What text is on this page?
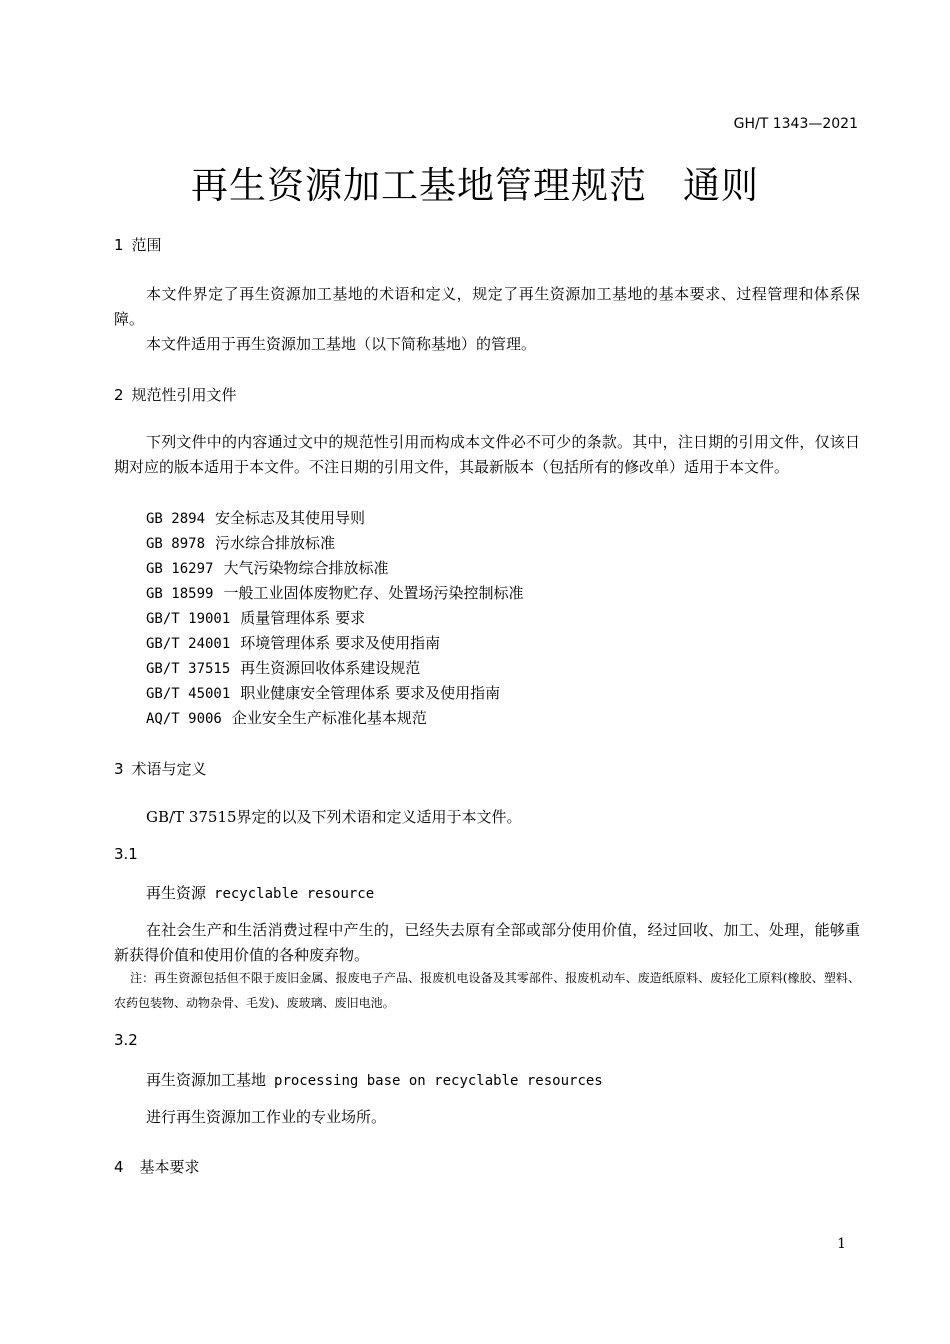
GH/T 1343—2021
再生资源加工基地管理规范 通则
1 范围
本文件界定了再生资源加工基地的术语和定义，规定了再生资源加工基地的基本要求、过程管理和体系保障。
本文件适用于再生资源加工基地（以下简称基地）的管理。
2 规范性引用文件
下列文件中的内容通过文中的规范性引用而构成本文件必不可少的条款。其中，注日期的引用文件，仅该日期对应的版本适用于本文件。不注日期的引用文件，其最新版本（包括所有的修改单）适用于本文件。
GB 2894 安全标志及其使用导则
GB 8978 污水综合排放标准
GB 16297 大气污染物综合排放标准
GB 18599 一般工业固体废物贮存、处置场污染控制标准
GB/T 19001 质量管理体系 要求
GB/T 24001 环境管理体系 要求及使用指南
GB/T 37515 再生资源回收体系建设规范
GB/T 45001 职业健康安全管理体系 要求及使用指南
AQ/T 9006 企业安全生产标准化基本规范
3 术语与定义
GB/T 37515界定的以及下列术语和定义适用于本文件。
3.1
再生资源 recyclable resource
在社会生产和生活消费过程中产生的，已经失去原有全部或部分使用价值，经过回收、加工、处理，能够重新获得价值和使用价值的各种废弃物。
注：再生资源包括但不限于废旧金属、报废电子产品、报废机电设备及其零部件、报废机动车、废造纸原料、废轻化工原料(橡胶、塑料、农药包装物、动物杂骨、毛发)、废玻璃、废旧电池。
3.2
再生资源加工基地 processing base on recyclable resources
进行再生资源加工作业的专业场所。
4 基本要求
1
